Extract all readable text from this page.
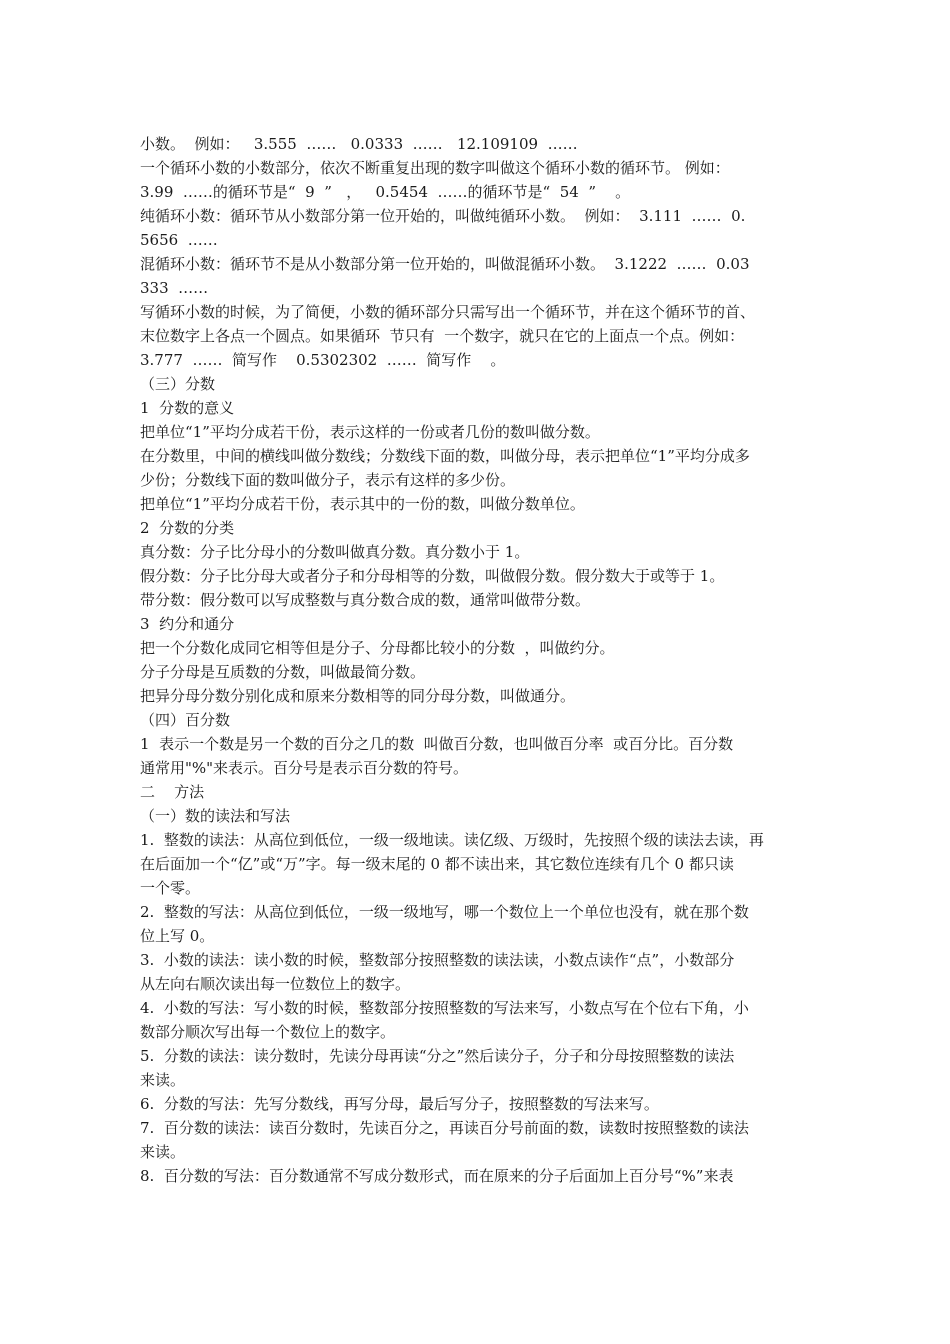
小数。  例如：   3.555  ……   0.0333  ……   12.109109  ……
一个循环小数的小数部分，依次不断重复出现的数字叫做这个循环小数的循环节。 例如：
3.99  ……的循环节是“  9  ”   ，   0.5454  ……的循环节是“  54  ”    。
纯循环小数：循环节从小数部分第一位开始的，叫做纯循环小数。  例如：  3.111  ……  0.
5656  ……
混循环小数：循环节不是从小数部分第一位开始的，叫做混循环小数。  3.1222  ……  0.03
333  ……
写循环小数的时候，为了简便，小数的循环部分只需写出一个循环节，并在这个循环节的首、
末位数字上各点一个圆点。如果循环  节只有  一个数字，就只在它的上面点一个点。例如：
3.777  ……  简写作    0.5302302  ……  简写作    。
（三）分数
1  分数的意义
把单位“1”平均分成若干份，表示这样的一份或者几份的数叫做分数。
在分数里，中间的横线叫做分数线；分数线下面的数，叫做分母，表示把单位“1”平均分成多
少份；分数线下面的数叫做分子，表示有这样的多少份。
把单位“1”平均分成若干份，表示其中的一份的数，叫做分数单位。
2  分数的分类
真分数：分子比分母小的分数叫做真分数。真分数小于 1。
假分数：分子比分母大或者分子和分母相等的分数，叫做假分数。假分数大于或等于 1。
带分数：假分数可以写成整数与真分数合成的数，通常叫做带分数。
3  约分和通分
把一个分数化成同它相等但是分子、分母都比较小的分数  ，叫做约分。
分子分母是互质数的分数，叫做最简分数。
把异分母分数分别化成和原来分数相等的同分母分数，叫做通分。
（四）百分数
1  表示一个数是另一个数的百分之几的数  叫做百分数，也叫做百分率  或百分比。百分数
通常用"%"来表示。百分号是表示百分数的符号。
二    方法
（一）数的读法和写法
1.  整数的读法：从高位到低位，一级一级地读。读亿级、万级时，先按照个级的读法去读，再
在后面加一个“亿”或“万”字。每一级末尾的 0 都不读出来，其它数位连续有几个 0 都只读
一个零。
2.  整数的写法：从高位到低位，一级一级地写，哪一个数位上一个单位也没有，就在那个数
位上写 0。
3.  小数的读法：读小数的时候，整数部分按照整数的读法读，小数点读作“点”，小数部分
从左向右顺次读出每一位数位上的数字。
4.  小数的写法：写小数的时候，整数部分按照整数的写法来写，小数点写在个位右下角，小
数部分顺次写出每一个数位上的数字。
5.  分数的读法：读分数时，先读分母再读“分之”然后读分子，分子和分母按照整数的读法
来读。
6.  分数的写法：先写分数线，再写分母，最后写分子，按照整数的写法来写。
7.  百分数的读法：读百分数时，先读百分之，再读百分号前面的数，读数时按照整数的读法
来读。
8.  百分数的写法：百分数通常不写成分数形式，而在原来的分子后面加上百分号“%”来表
